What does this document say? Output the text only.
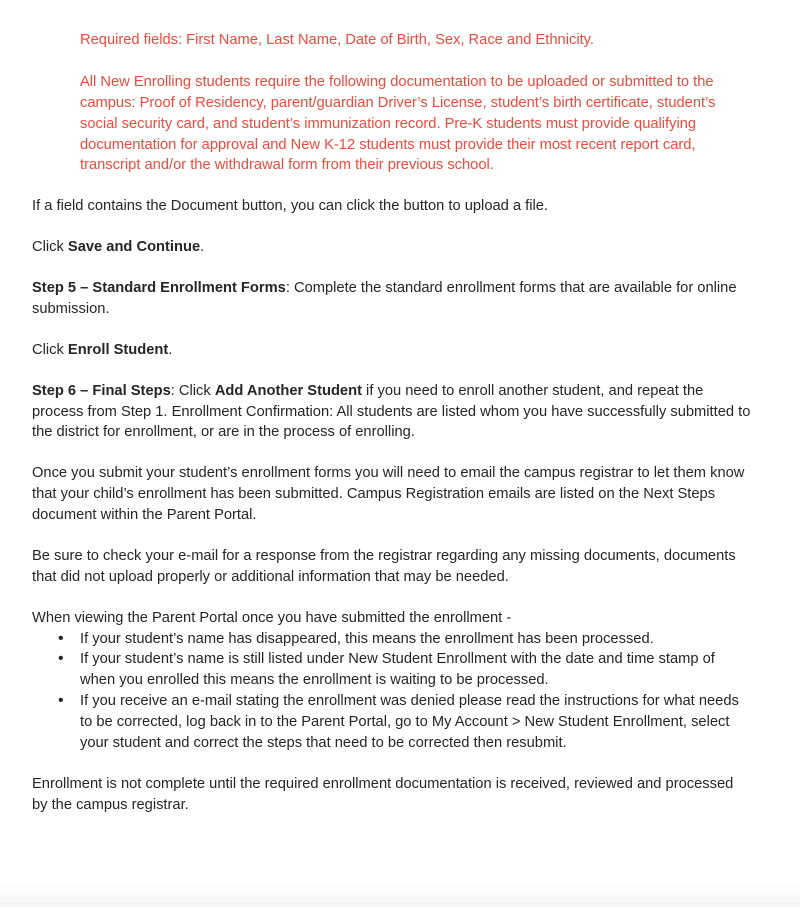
Required fields: First Name, Last Name, Date of Birth, Sex, Race and Ethnicity.

All New Enrolling students require the following documentation to be uploaded or submitted to the campus: Proof of Residency, parent/guardian Driver’s License, student’s birth certificate, student’s social security card, and student’s immunization record. Pre-K students must provide qualifying documentation for approval and New K-12 students must provide their most recent report card, transcript and/or the withdrawal form from their previous school.

If a field contains the Document button, you can click the button to upload a file.

Click Save and Continue.

Step 5 – Standard Enrollment Forms: Complete the standard enrollment forms that are available for online submission.

Click Enroll Student.

Step 6 – Final Steps: Click Add Another Student if you need to enroll another student, and repeat the process from Step 1. Enrollment Confirmation: All students are listed whom you have successfully submitted to the district for enrollment, or are in the process of enrolling.

Once you submit your student’s enrollment forms you will need to email the campus registrar to let them know that your child’s enrollment has been submitted. Campus Registration emails are listed on the Next Steps document within the Parent Portal.

Be sure to check your e-mail for a response from the registrar regarding any missing documents, documents that did not upload properly or additional information that may be needed.

When viewing the Parent Portal once you have submitted the enrollment -

• If your student’s name has disappeared, this means the enrollment has been processed.
• If your student’s name is still listed under New Student Enrollment with the date and time stamp of when you enrolled this means the enrollment is waiting to be processed.
• If you receive an e-mail stating the enrollment was denied please read the instructions for what needs to be corrected, log back in to the Parent Portal, go to My Account > New Student Enrollment, select your student and correct the steps that need to be corrected then resubmit.

Enrollment is not complete until the required enrollment documentation is received, reviewed and processed by the campus registrar.
